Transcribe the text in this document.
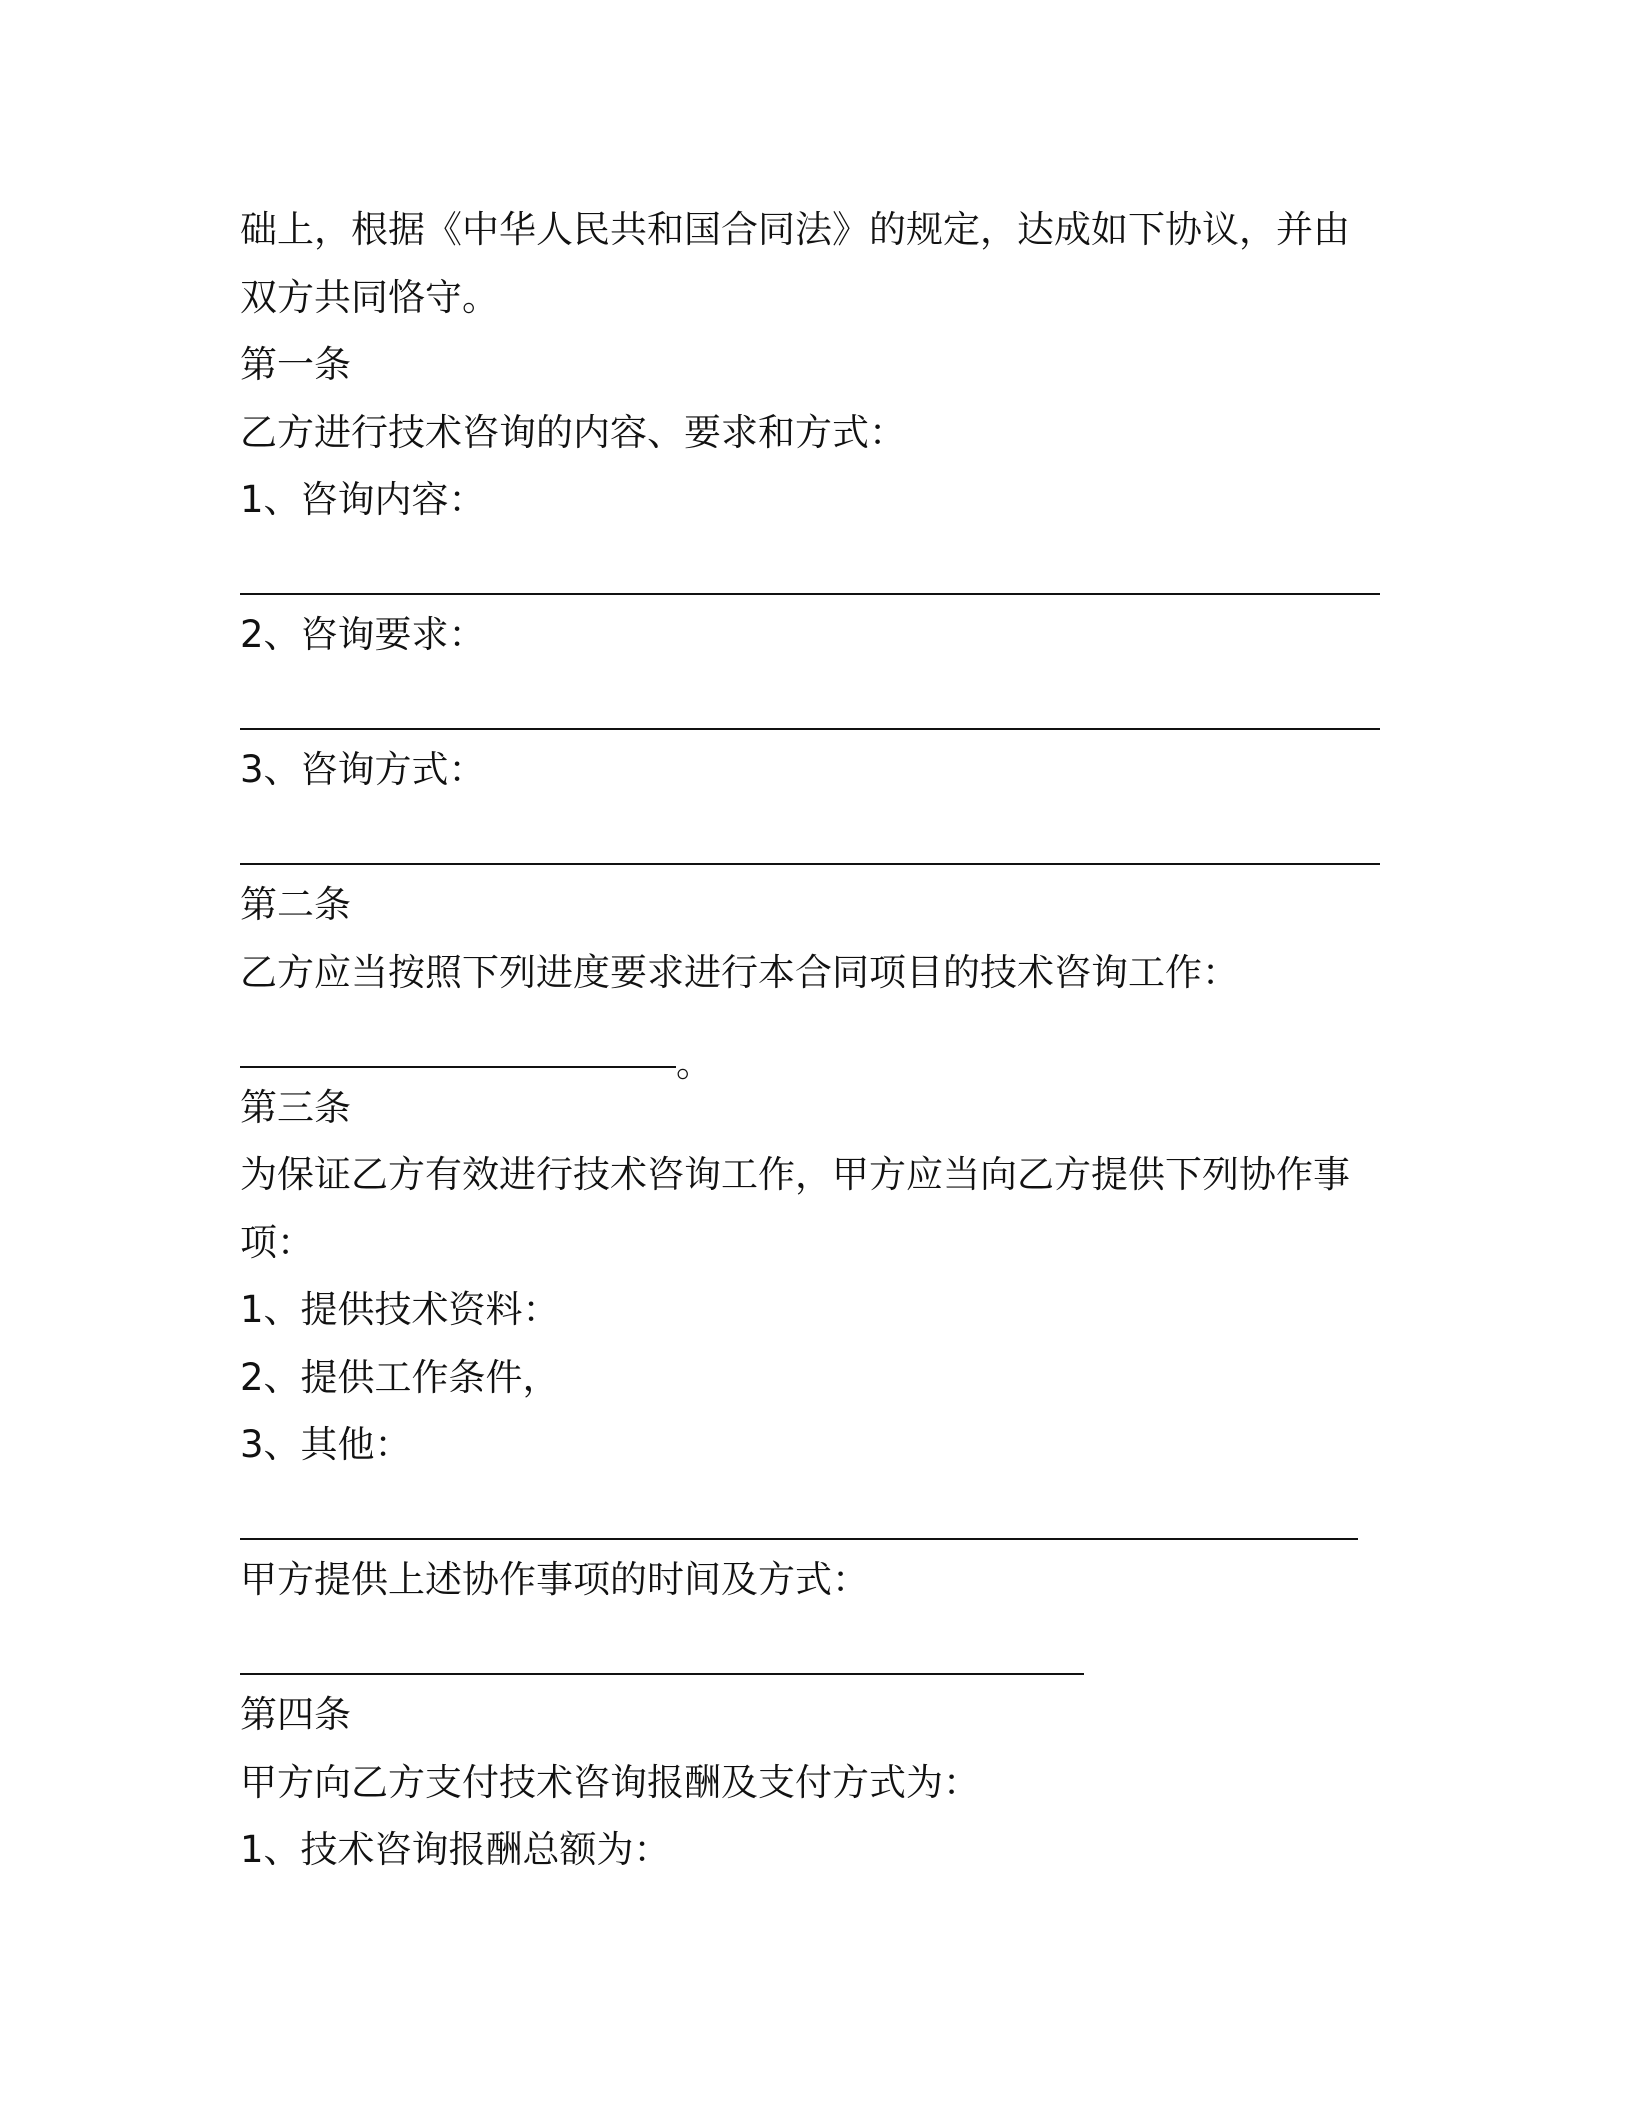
础上，根据《中华人民共和国合同法》的规定，达成如下协议，并由
双方共同恪守。
第一条
乙方进行技术咨询的内容、要求和方式：
1、咨询内容：
2、咨询要求：
3、咨询方式：
第二条
乙方应当按照下列进度要求进行本合同项目的技术咨询工作：
。
第三条
为保证乙方有效进行技术咨询工作，甲方应当向乙方提供下列协作事
项：
1、提供技术资料：
2、提供工作条件，
3、其他：
甲方提供上述协作事项的时间及方式：
第四条
甲方向乙方支付技术咨询报酬及支付方式为：
1、技术咨询报酬总额为：
